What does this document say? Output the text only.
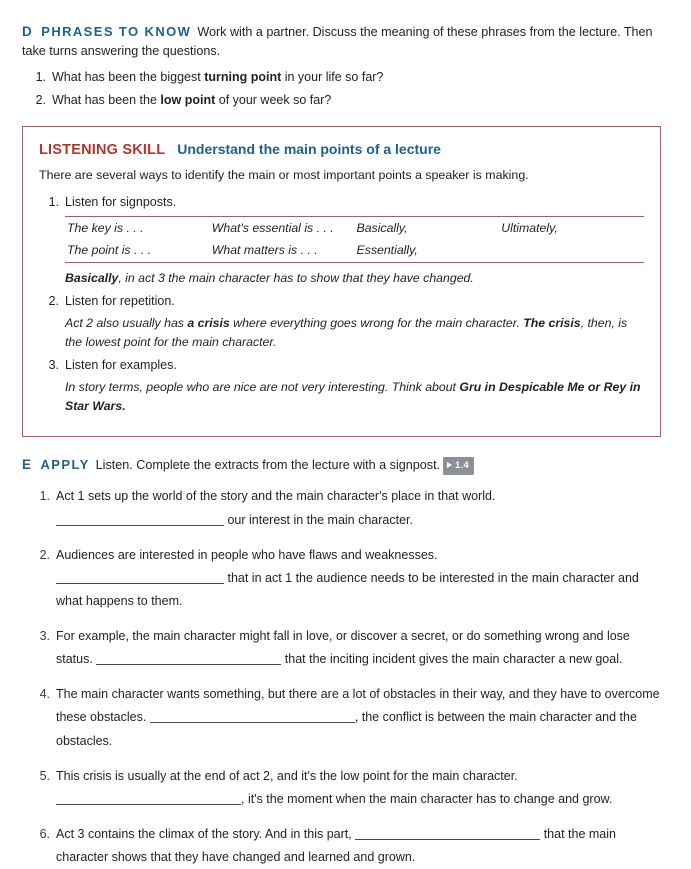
D PHRASES TO KNOW Work with a partner. Discuss the meaning of these phrases from the lecture. Then take turns answering the questions.

1. What has been the biggest turning point in your life so far?
2. What has been the low point of your week so far?
LISTENING SKILL Understand the main points of a lecture
There are several ways to identify the main or most important points a speaker is making.
1. Listen for signposts.
The key is . . .	What's essential is . . .	Basically,	Ultimately,
The point is . . .	What matters is . . .	Essentially,	

Basically, in act 3 the main character has to show that they have changed.

2. Listen for repetition.

Act 2 also usually has a crisis where everything goes wrong for the main character. The crisis, then, is the lowest point for the main character.

3. Listen for examples.

In story terms, people who are nice are not very interesting. Think about Gru in Despicable Me or Rey in Star Wars.

E APPLY Listen. Complete the extracts from the lecture with a signpost. 1.4

1. Act 1 sets up the world of the story and the main character's place in that world.
our interest in the main character.
2. Audiences are interested in people who have flaws and weaknesses.
that in act 1 the audience needs to be interested in the main character and what happens to them.
3. For example, the main character might fall in love, or discover a secret, or do something wrong and lose status.	that the inciting incident gives the main character a new goal.
4. The main character wants something, but there are a lot of obstacles in their way, and they have to overcome these obstacles.	, the conflict is between the main character and the obstacles.
5. This crisis is usually at the end of act 2, and it's the low point for the main character.
, it's the moment when the main character has to change and grow.
6. Act 3 contains the climax of the story. And in this part,	that the main character shows that they have changed and learned and grown.
